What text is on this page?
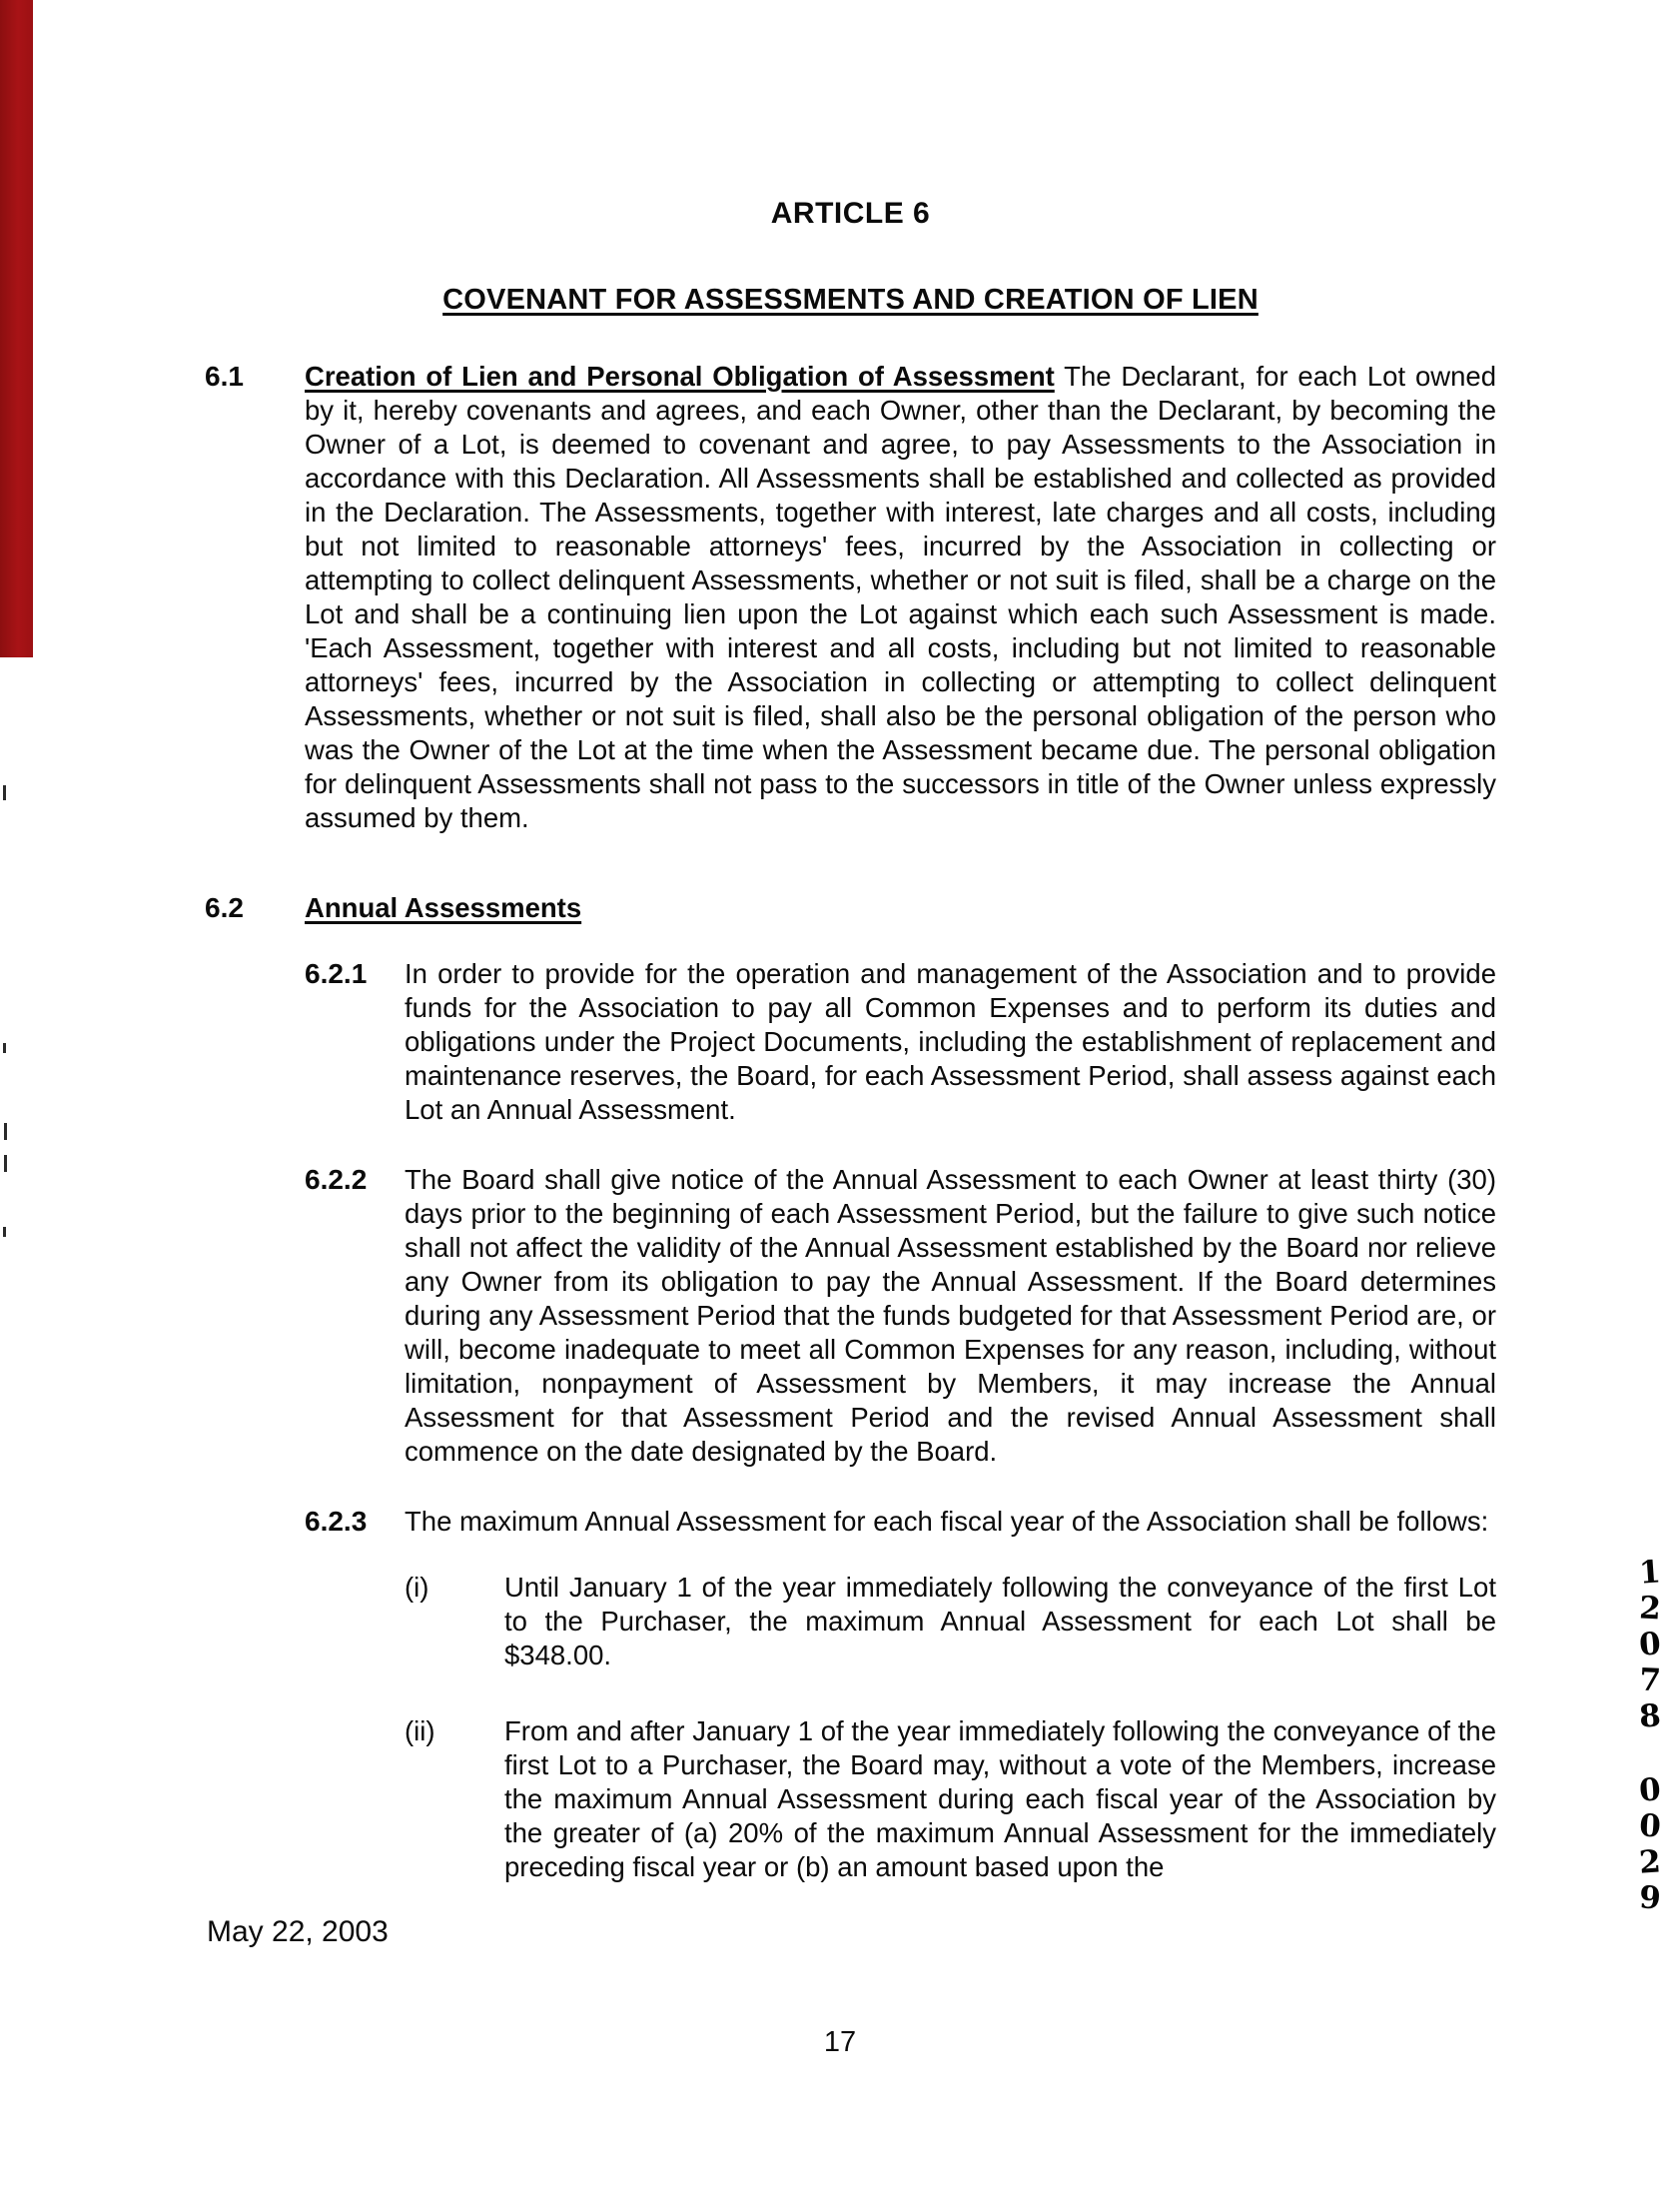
ARTICLE 6
COVENANT FOR ASSESSMENTS AND CREATION OF LIEN
6.1	Creation of Lien and Personal Obligation of Assessment The Declarant, for each Lot owned by it, hereby covenants and agrees, and each Owner, other than the Declarant, by becoming the Owner of a Lot, is deemed to covenant and agree, to pay Assessments to the Association in accordance with this Declaration. All Assessments shall be established and collected as provided in the Declaration. The Assessments, together with interest, late charges and all costs, including but not limited to reasonable attorneys' fees, incurred by the Association in collecting or attempting to collect delinquent Assessments, whether or not suit is filed, shall be a charge on the Lot and shall be a continuing lien upon the Lot against which each such Assessment is made. 'Each Assessment, together with interest and all costs, including but not limited to reasonable attorneys' fees, incurred by the Association in collecting or attempting to collect delinquent Assessments, whether or not suit is filed, shall also be the personal obligation of the person who was the Owner of the Lot at the time when the Assessment became due. The personal obligation for delinquent Assessments shall not pass to the successors in title of the Owner unless expressly assumed by them.
6.2	Annual Assessments
6.2.1	In order to provide for the operation and management of the Association and to provide funds for the Association to pay all Common Expenses and to perform its duties and obligations under the Project Documents, including the establishment of replacement and maintenance reserves, the Board, for each Assessment Period, shall assess against each Lot an Annual Assessment.
6.2.2	The Board shall give notice of the Annual Assessment to each Owner at least thirty (30) days prior to the beginning of each Assessment Period, but the failure to give such notice shall not affect the validity of the Annual Assessment established by the Board nor relieve any Owner from its obligation to pay the Annual Assessment. If the Board determines during any Assessment Period that the funds budgeted for that Assessment Period are, or will, become inadequate to meet all Common Expenses for any reason, including, without limitation, nonpayment of Assessment by Members, it may increase the Annual Assessment for that Assessment Period and the revised Annual Assessment shall commence on the date designated by the Board.
6.2.3	The maximum Annual Assessment for each fiscal year of the Association shall be follows:
(i)	Until January 1 of the year immediately following the conveyance of the first Lot to the Purchaser, the maximum Annual Assessment for each Lot shall be $348.00.
(ii)	From and after January 1 of the year immediately following the conveyance of the first Lot to a Purchaser, the Board may, without a vote of the Members, increase the maximum Annual Assessment during each fiscal year of the Association by the greater of (a) 20% of the maximum Annual Assessment for the immediately preceding fiscal year or (b) an amount based upon the
1
2
0
7
8
0
0
2
9
May 22, 2003
17
